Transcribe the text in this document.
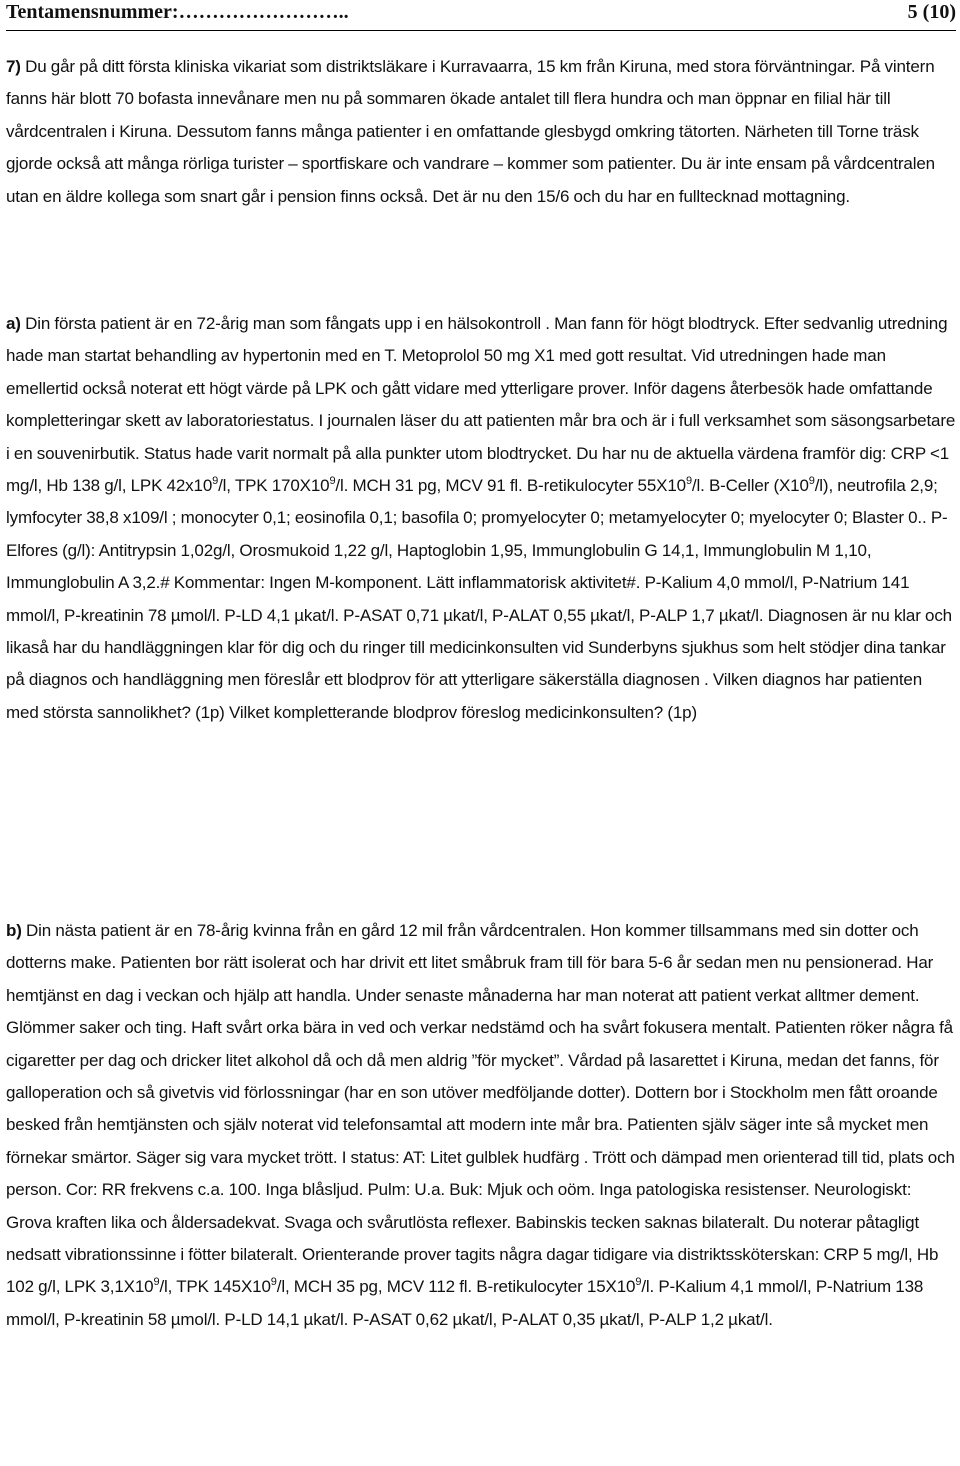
Tentamensnummer:……………………..	5 (10)
7) Du går på ditt första kliniska vikariat som distriktsläkare i Kurravaarra, 15 km från Kiruna, med stora förväntningar. På vintern fanns här blott 70 bofasta innevånare men nu på sommaren ökade antalet till flera hundra och man öppnar en filial här till vårdcentralen i Kiruna. Dessutom fanns många patienter i en omfattande glesbygd omkring tätorten. Närheten till Torne träsk gjorde också att många rörliga turister – sportfiskare och vandrare – kommer som patienter. Du är inte ensam på vårdcentralen utan en äldre kollega som snart går i pension finns också. Det är nu den 15/6 och du har en fulltecknad mottagning.
a) Din första patient är en 72-årig man som fångats upp i en hälsokontroll . Man fann för högt blodtryck. Efter sedvanlig utredning hade man startat behandling av hypertonin med en T. Metoprolol 50 mg X1 med gott resultat. Vid utredningen hade man emellertid också noterat ett högt värde på LPK och gått vidare med ytterligare prover. Inför dagens återbesök hade omfattande kompletteringar skett av laboratoriestatus. I journalen läser du att patienten mår bra och är i full verksamhet som säsongsarbetare i en souvenirbutik. Status hade varit normalt på alla punkter utom blodtrycket. Du har nu de aktuella värdena framför dig: CRP <1 mg/l, Hb 138 g/l, LPK $42x10^9/l$, TPK $170X10^9/l$. MCH 31 pg, MCV 91 fl. B-retikulocyter $55X10^9/l$. B-Celler $(X10^9/l)$, neutrofila 2,9; lymfocyter 38,8 x109/l ; monocyter 0,1; eosinofila 0,1; basofila 0; promyelocyter 0; metamyelocyter 0; myelocyter 0; Blaster 0.. P-Elfores (g/l): Antitrypsin 1,02g/l, Orosmukoid 1,22 g/l, Haptoglobin 1,95, Immunglobulin G 14,1, Immunglobulin M 1,10, Immunglobulin A 3,2.# Kommentar: Ingen M-komponent. Lätt inflammatorisk aktivitet#. P-Kalium 4,0 mmol/l, P-Natrium 141 mmol/l, P-kreatinin 78 µmol/l. P-LD 4,1 µkat/l. P-ASAT 0,71 µkat/l, P-ALAT 0,55 µkat/l, P-ALP 1,7 µkat/l. Diagnosen är nu klar och likaså har du handläggningen klar för dig och du ringer till medicinkonsulten vid Sunderbyns sjukhus som helt stödjer dina tankar på diagnos och handläggning men föreslår ett blodprov för att ytterligare säkerställa diagnosen . Vilken diagnos har patienten med största sannolikhet? (1p) Vilket kompletterande blodprov föreslog medicinkonsulten? (1p)
b) Din nästa patient är en 78-årig kvinna från en gård 12 mil från vårdcentralen. Hon kommer tillsammans med sin dotter och dotterns make. Patienten bor rätt isolerat och har drivit ett litet småbruk fram till för bara 5-6 år sedan men nu pensionerad. Har hemtjänst en dag i veckan och hjälp att handla. Under senaste månaderna har man noterat att patient verkat alltmer dement. Glömmer saker och ting. Haft svårt orka bära in ved och verkar nedstämd och ha svårt fokusera mentalt. Patienten röker några få cigaretter per dag och dricker litet alkohol då och då men aldrig ”för mycket”. Vårdad på lasarettet i Kiruna, medan det fanns, för galloperation och så givetvis vid förlossningar (har en son utöver medföljande dotter). Dottern bor i Stockholm men fått oroande besked från hemtjänsten och själv noterat vid telefonsamtal att modern inte mår bra. Patienten själv säger inte så mycket men förnekar smärtor. Säger sig vara mycket trött. I status: AT: Litet gulblek hudfärg . Trött och dämpad men orienterad till tid, plats och person. Cor: RR frekvens c.a. 100. Inga blåsljud. Pulm: U.a. Buk: Mjuk och oöm. Inga patologiska resistenser. Neurologiskt: Grova kraften lika och åldersadekvat. Svaga och svårutlösta reflexer. Babinskis tecken saknas bilateralt. Du noterar påtagligt nedsatt vibrationssinne i fötter bilateralt. Orienterande prover tagits några dagar tidigare via distriktssköterskan: CRP 5 mg/l, Hb 102 g/l, LPK $3,1X10^9/l$, TPK $145X10^9/l$, MCH 35 pg, MCV 112 fl. B-retikulocyter $15X10^9/l$. P-Kalium 4,1 mmol/l, P-Natrium 138 mmol/l, P-kreatinin 58 µmol/l. P-LD 14,1 µkat/l. P-ASAT 0,62 µkat/l, P-ALAT 0,35 µkat/l, P-ALP 1,2 µkat/l.
